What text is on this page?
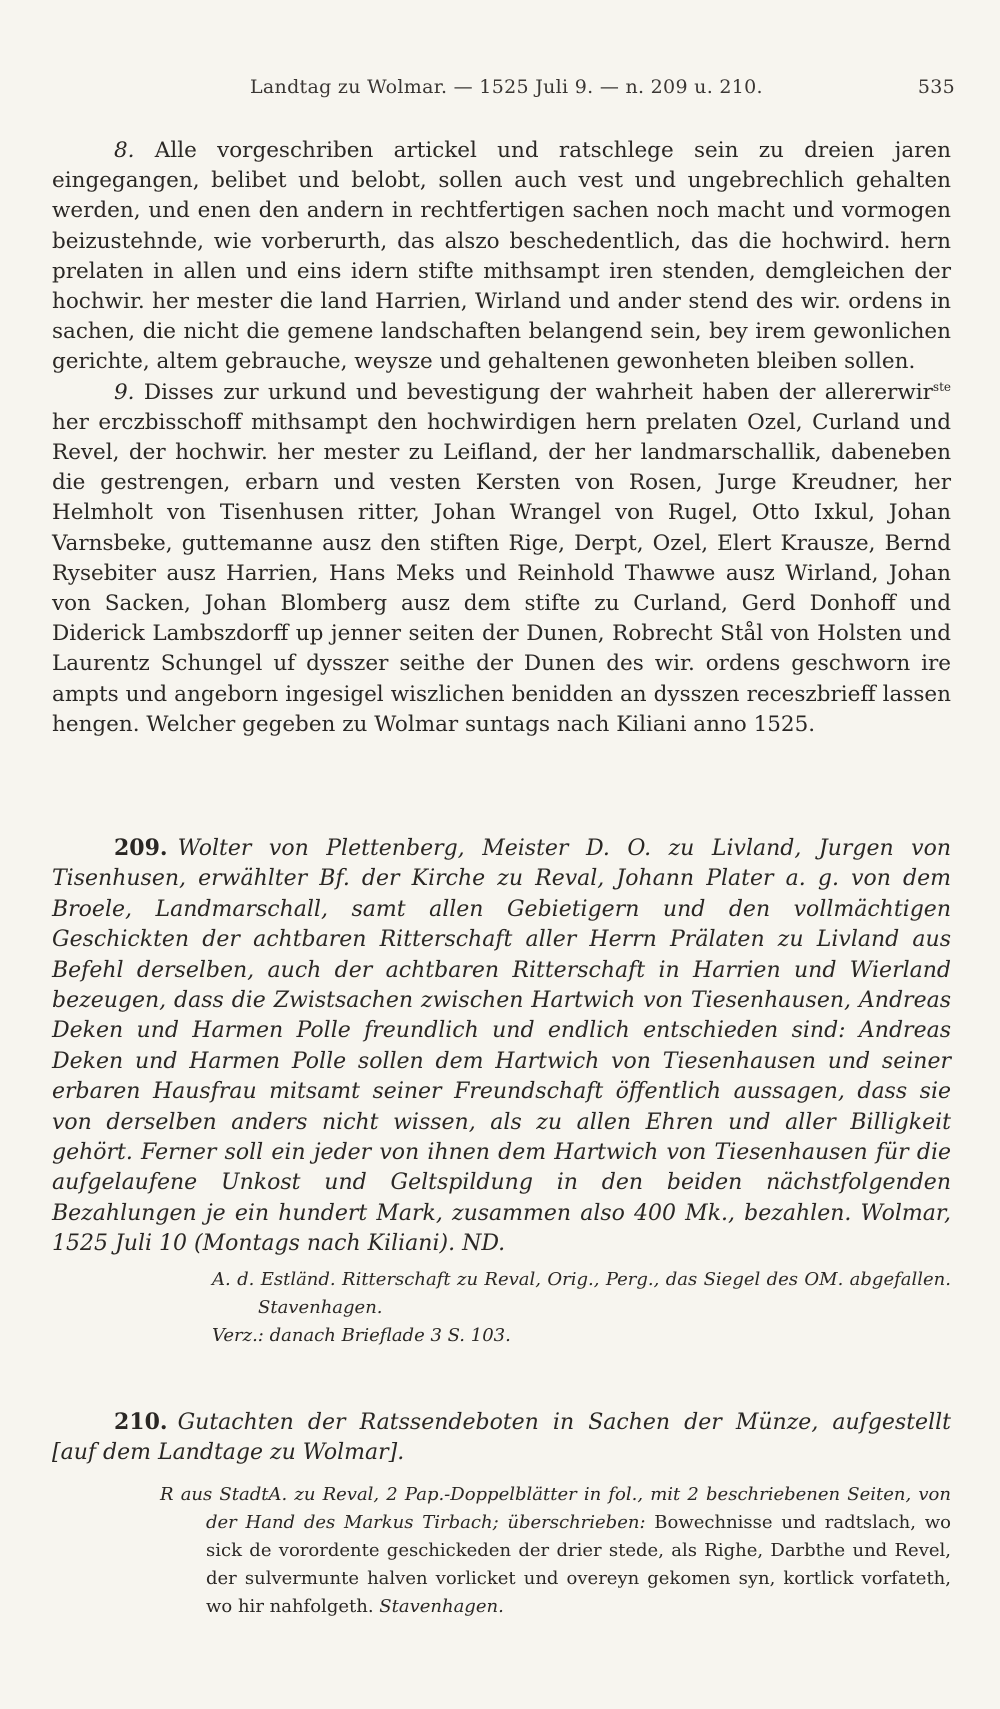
Landtag zu Wolmar. — 1525 Juli 9. — n. 209 u. 210.	535

8. Alle vorgeschriben artickel und ratschlege sein zu dreien jaren eingegangen, belibet und belobt, sollen auch vest und ungebrechlich gehalten werden, und enen den andern in rechtfertigen sachen noch macht und vormogen beizustehnde, wie vorberurth, das alszo beschedentlich, das die hochwird. hern prelaten in allen und eins idern stifte mithsampt iren stenden, demgleichen der hochwir. her mester die land Harrien, Wirland und ander stend des wir. ordens in sachen, die nicht die gemene landschaften belangend sein, bey irem gewonlichen gerichte, altem gebrauche, weysze und gehaltenen gewonheten bleiben sollen.

9. Disses zur urkund und bevestigung der wahrheit haben der allererwir$^{ste}$ her erczbisschoff mithsampt den hochwirdigen hern prelaten Ozel, Curland und Revel, der hochwir. her mester zu Leifland, der her landmarschallik, dabeneben die gestrengen, erbarn und vesten Kersten von Rosen, Jurge Kreudner, her Helmholt von Tisenhusen ritter, Johan Wrangel von Rugel, Otto Ixkul, Johan Varnsbeke, guttemanne ausz den stiften Rige, Derpt, Ozel, Elert Krausze, Bernd Rysebiter ausz Harrien, Hans Meks und Reinhold Thawwe ausz Wirland, Johan von Sacken, Johan Blomberg ausz dem stifte zu Curland, Gerd Donhoff und Diderick Lambszdorff up jenner seiten der Dunen, Robrecht Stål von Holsten und Laurentz Schungel uf dysszer seithe der Dunen des wir. ordens geschworn ire ampts und angeborn ingesigel wiszlichen benidden an dysszen receszbrieff lassen hengen. Welcher gegeben zu Wolmar suntags nach Kiliani anno 1525.

209. Wolter von Plettenberg, Meister D. O. zu Livland, Jurgen von Tisenhusen, erwählter Bf. der Kirche zu Reval, Johann Plater a. g. von dem Broele, Landmarschall, samt allen Gebietigern und den vollmächtigen Geschickten der achtbaren Ritterschaft aller Herrn Prälaten zu Livland aus Befehl derselben, auch der achtbaren Ritterschaft in Harrien und Wierland bezeugen, dass die Zwistsachen zwischen Hartwich von Tiesenhausen, Andreas Deken und Harmen Polle freundlich und endlich entschieden sind: Andreas Deken und Harmen Polle sollen dem Hartwich von Tiesenhausen und seiner erbaren Hausfrau mitsamt seiner Freundschaft öffentlich aussagen, dass sie von derselben anders nicht wissen, als zu allen Ehren und aller Billigkeit gehört. Ferner soll ein jeder von ihnen dem Hartwich von Tiesenhausen für die aufgelaufene Unkost und Geltspildung in den beiden nächstfolgenden Bezahlungen je ein hundert Mark, zusammen also 400 Mk., bezahlen. Wolmar, 1525 Juli 10 (Montags nach Kiliani). ND.

A. d. Estländ. Ritterschaft zu Reval, Orig., Perg., das Siegel des OM. abgefallen. Stavenhagen.

Verz.: danach Brieflade 3 S. 103.

210. Gutachten der Ratssendeboten in Sachen der Münze, aufgestellt [auf dem Landtage zu Wolmar].

R aus StadtA. zu Reval, 2 Pap.-Doppelblätter in fol., mit 2 beschriebenen Seiten, von der Hand des Markus Tirbach; überschrieben: Bowechnisse und radtslach, wo sick de vorordente geschickeden der drier stede, als Righe, Darbthe und Revel, der sulvermunte halven vorlicket und overeyn gekomen syn, kortlick vorfateth, wo hir nahfolgeth. Stavenhagen.
